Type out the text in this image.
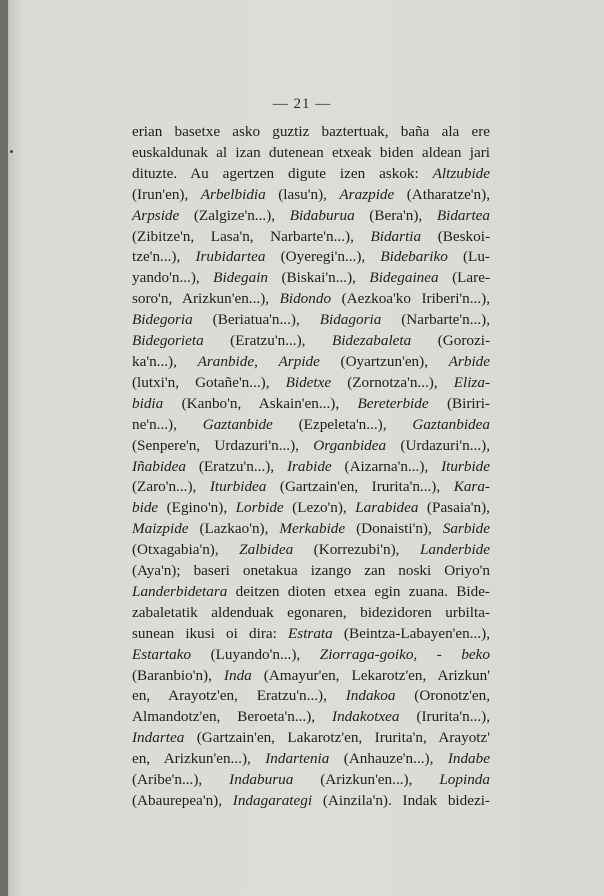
— 21 —
erian basetxe asko guztiz baztertuak, baña ala ere
euskaldunak al izan dutenean etxeak biden aldean jari
dituzte. Au agertzen digute izen askok: Altzubide
(Irun'en), Arbelbidia (lasu'n), Arazpide (Atharatze'n),
Arpside (Zalgize'n...), Bidaburua (Bera'n), Bidartea
(Zibitze'n, Lasa'n, Narbarte'n...), Bidartia (Beskoi-
tze'n...), Irubidartea (Oyeregi'n...), Bidebariko (Lu-
yando'n...), Bidegain (Biskai'n...), Bidegainea (Lare-
soro'n, Arizkun'en...), Bidondo (Aezkoa'ko Iriberi'n...),
Bidegoria (Beriatua'n...), Bidagoria (Narbarte'n...),
Bidegorieta (Eratzu'n...), Bidezabaleta (Gorozi-
ka'n...), Aranbide, Arpide (Oyartzun'en), Arbide
(lutxi'n, Gotañe'n...), Bidetxe (Zornotza'n...), Eliza-
bidia (Kanbo'n, Askain'en...), Bereterbide (Biriri-
ne'n...), Gaztanbide (Ezpeleta'n...), Gaztanbidea
(Senpere'n, Urdazuri'n...), Organbidea (Urdazuri'n...),
Iñabidea (Eratzu'n...), Irabide (Aizarna'n...), Iturbide
(Zaro'n...), Iturbidea (Gartzain'en, Irurita'n...), Kara-
bide (Egino'n), Lorbide (Lezo'n), Larabidea (Pasaia'n),
Maizpide (Lazkao'n), Merkabide (Donaisti'n), Sarbide
(Otxagabia'n), Zalbidea (Korrezubi'n), Landerbide
(Aya'n); baseri onetakua izango zan noski Oriyo'n
Landerbidetara deitzen dioten etxea egin zuana. Bide-
zabaletatik aldenduak egonaren, bidezidoren urbilta-
sunean ikusi oi dira: Estrata (Beintza-Labayen'en...),
Estartako (Luyando'n...), Ziorraga-goiko, - beko
(Baranbio'n), Inda (Amayur'en, Lekarotz'en, Arizkun'
en, Arayotz'en, Eratzu'n...), Indakoa (Oronotz'en,
Almandotz'en, Beroeta'n...), Indakotxea (Irurita'n...),
Indartea (Gartzain'en, Lakarotz'en, Irurita'n, Arayotz'
en, Arizkun'en...), Indartenia (Anhauze'n...), Indabe
(Aribe'n...), Indaburua (Arizkun'en...), Lopinda
(Abaurepea'n), Indagarategi (Ainzila'n). Indak bidezi-
